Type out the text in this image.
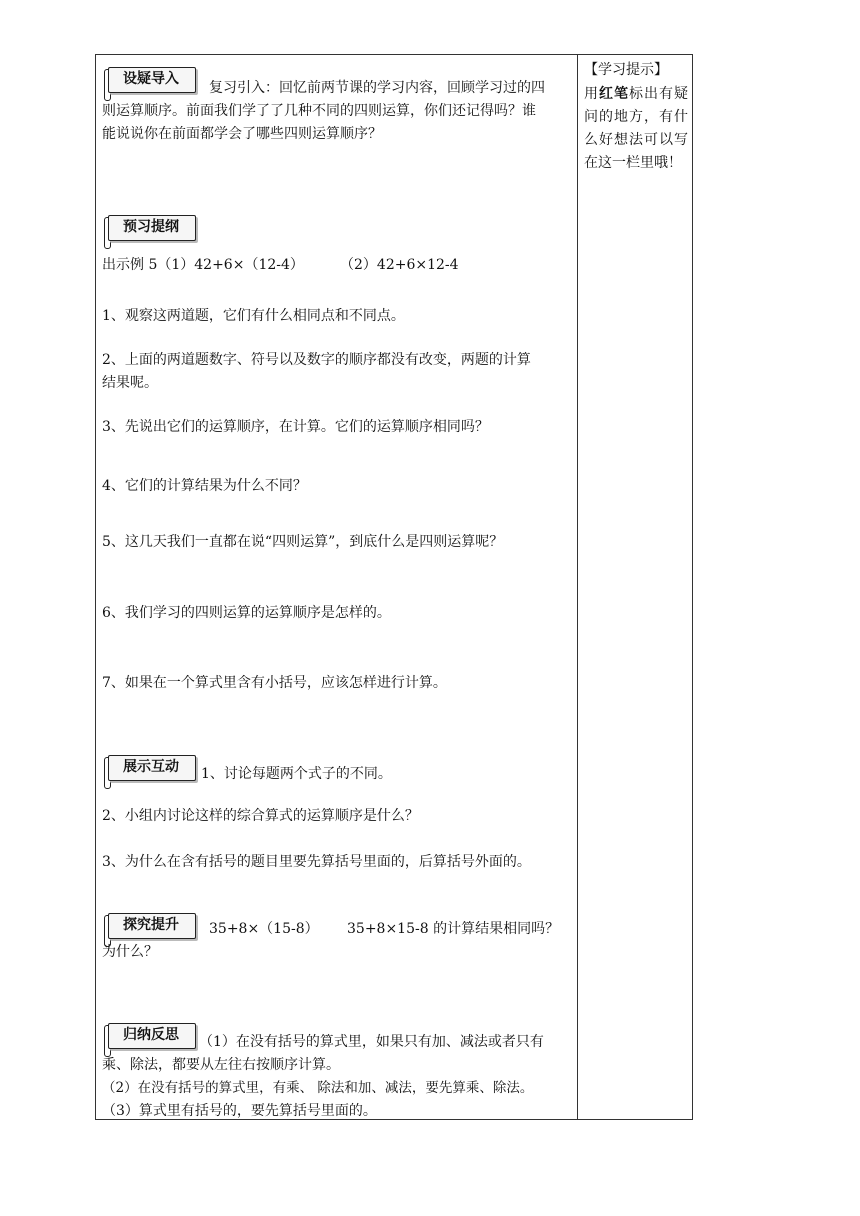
设疑导入
复习引入：回忆前两节课的学习内容，回顾学习过的四
则运算顺序。前面我们学了了几种不同的四则运算，你们还记得吗？谁
能说说你在前面都学会了哪些四则运算顺序？
预习提纲
出示例 5（1）42+6×（12-4）	（2）42+6×12-4
1、观察这两道题，它们有什么相同点和不同点。
2、上面的两道题数字、符号以及数字的顺序都没有改变，两题的计算
结果呢。
3、先说出它们的运算顺序，在计算。它们的运算顺序相同吗？
4、它们的计算结果为什么不同？
5、这几天我们一直都在说“四则运算”，到底什么是四则运算呢？
6、我们学习的四则运算的运算顺序是怎样的。
7、如果在一个算式里含有小括号，应该怎样进行计算。
展示互动	1、讨论每题两个式子的不同。
2、小组内讨论这样的综合算式的运算顺序是什么？
3、为什么在含有括号的题目里要先算括号里面的，后算括号外面的。
探究提升	35+8×（15-8） 35+8×15-8 的计算结果相同吗？
为什么？
归纳反思	（1）在没有括号的算式里，如果只有加、减法或者只有
乘、除法，都要从左往右按顺序计算。
（2）在没有括号的算式里，有乘、 除法和加、减法，要先算乘、除法。
（3）算式里有括号的，要先算括号里面的。
【学习提示】
用红笔标出有疑问的地方，有什么好想法可以写在这一栏里哦！
